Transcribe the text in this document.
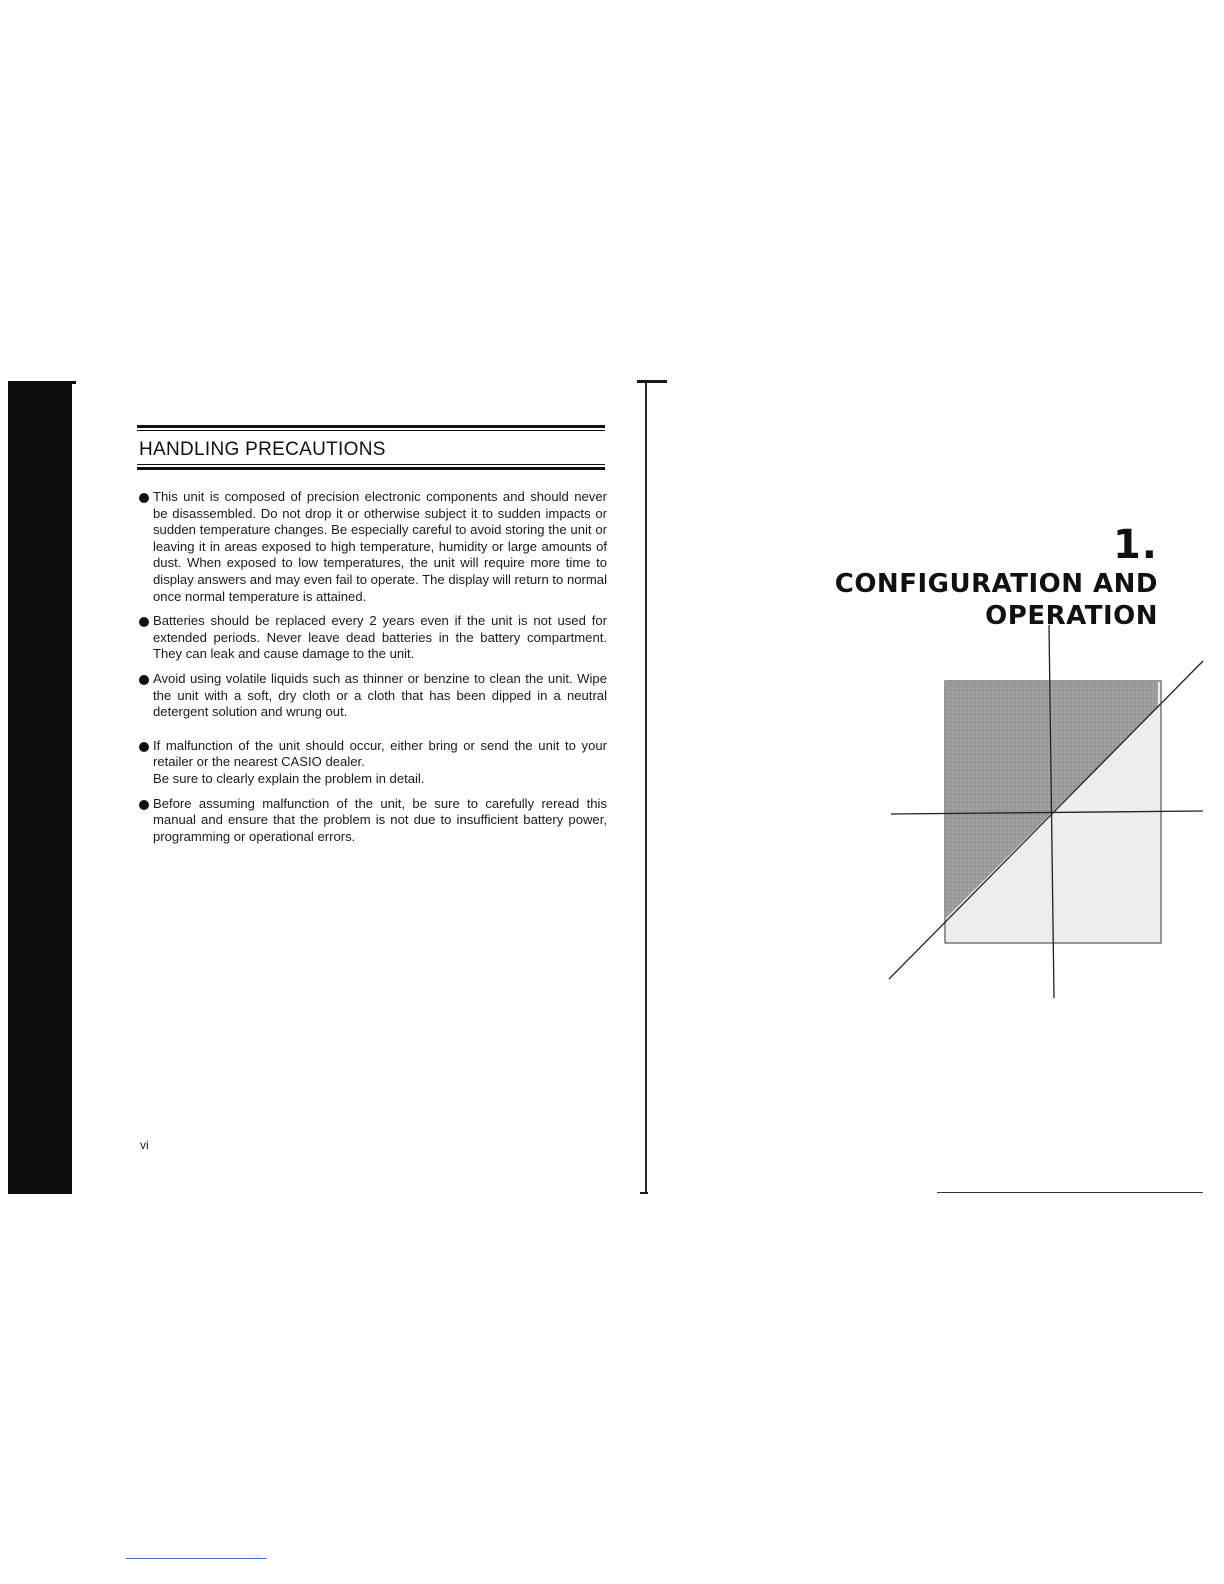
HANDLING PRECAUTIONS
This unit is composed of precision electronic components and should never be disassembled. Do not drop it or otherwise subject it to sudden impacts or sudden temperature changes. Be especially careful to avoid storing the unit or leaving it in areas exposed to high temperature, humidity or large amounts of dust. When exposed to low temperatures, the unit will require more time to display answers and may even fail to operate. The display will return to normal once normal temperature is attained.
Batteries should be replaced every 2 years even if the unit is not used for extended periods. Never leave dead batteries in the battery compartment. They can leak and cause damage to the unit.
Avoid using volatile liquids such as thinner or benzine to clean the unit. Wipe the unit with a soft, dry cloth or a cloth that has been dipped in a neutral detergent solution and wrung out.
If malfunction of the unit should occur, either bring or send the unit to your retailer or the nearest CASIO dealer.
Be sure to clearly explain the problem in detail.
Before assuming malfunction of the unit, be sure to carefully reread this manual and ensure that the problem is not due to insufficient battery power, programming or operational errors.
vi
1.
CONFIGURATION AND
OPERATION
